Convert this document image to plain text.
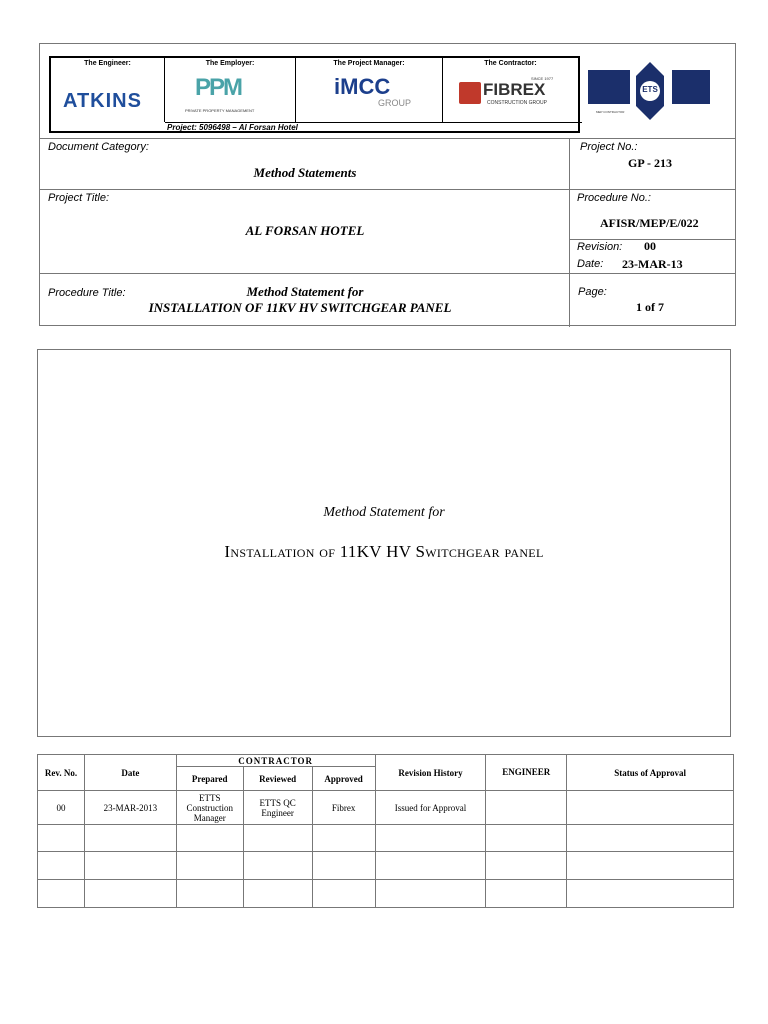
The Engineer:
ATKINS
The Employer:
PPM
PRIVATE PROPERTY MANAGEMENT
The Project Manager:
iMCC
GROUP
The Contractor:
FIBREX
SINCE 1977
CONSTRUCTION GROUP
Project: 5096498 – Al Forsan Hotel
ETS
MEP CONTRACTOR
Document Category:
Method Statements
Project No.:
GP - 213
Project Title:
AL FORSAN HOTEL
Procedure No.:
AFISR/MEP/E/022
Revision: 00
Date: 23-MAR-13
Procedure Title:	Method Statement for
INSTALLATION OF 11KV HV SWITCHGEAR PANEL
Page:
1 of 7
Method Statement for
Installation of 11KV HV Switchgear panel
Rev. No.	Date	CONTRACTOR			Revision History	ENGINEER	Status of Approval
		Prepared	Reviewed	Approved			
00	23-MAR-2013	ETTS Construction Manager	ETTS QC Engineer	Fibrex	Issued for Approval		
